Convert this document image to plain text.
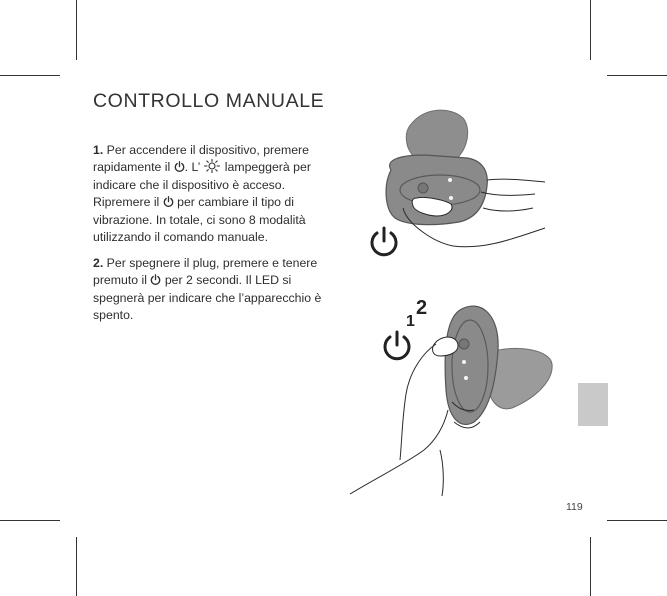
CONTROLLO MANUALE

1. Per accendere il dispositivo, premere rapidamente il . L’  lampeggerà per indicare che il dispositivo è acceso. Ripremere il  per cambiare il tipo di vibrazione. In totale, ci sono 8 modalità utilizzando il comando manuale.

2. Per spegnere il plug, premere e tenere premuto il  per 2 secondi. Il LED si spegnerà per indicare che l’apparecchio è spento.	1
2
119
